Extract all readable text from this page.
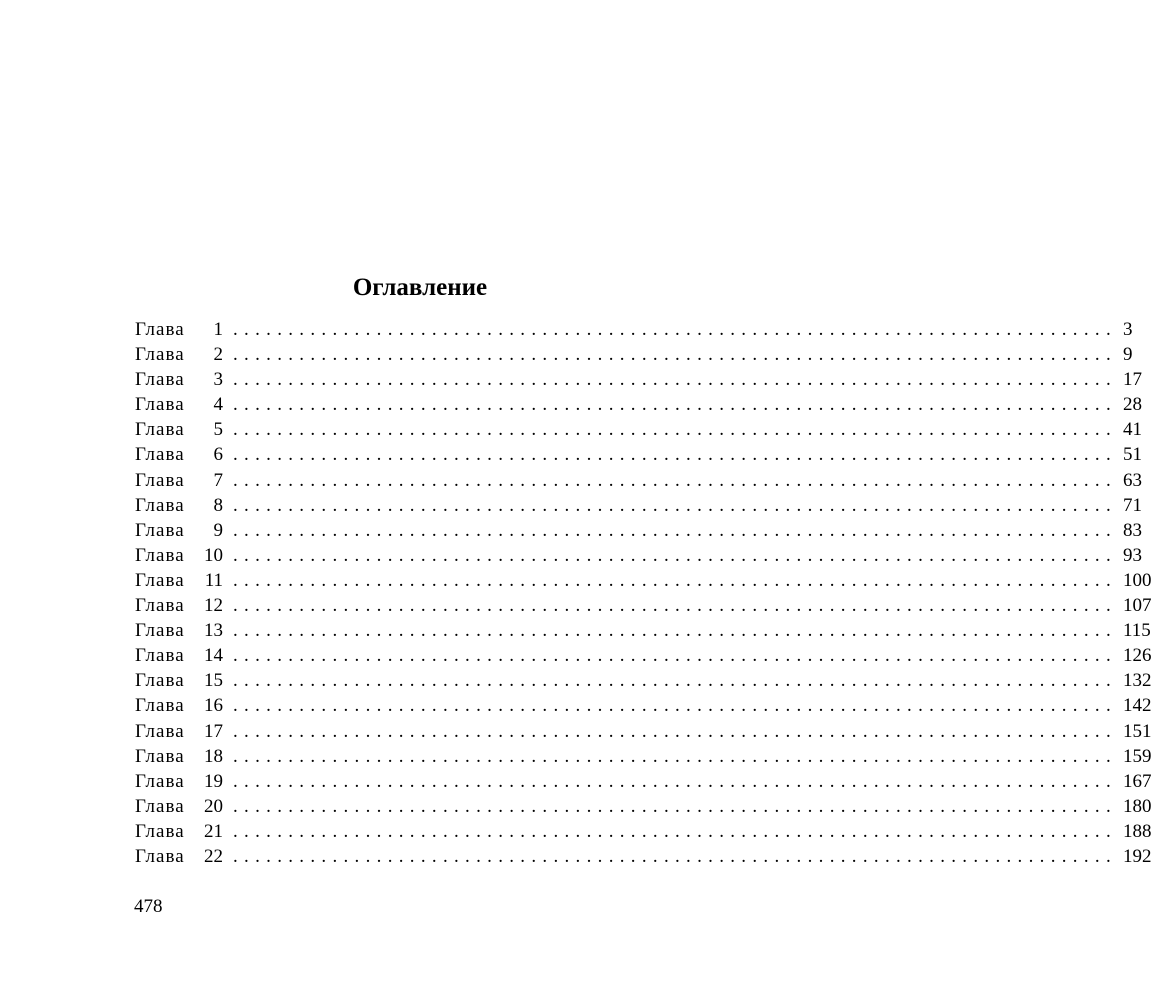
Оглавление
Глава	1 ................................................................................ 3
Глава	2 ................................................................................ 9
Глава	3 ................................................................................ 17
Глава	4 ................................................................................ 28
Глава	5 ................................................................................ 41
Глава	6 ................................................................................ 51
Глава	7 ................................................................................ 63
Глава	8 ................................................................................ 71
Глава	9 ................................................................................ 83
Глава	10 ................................................................................ 93
Глава	11 ................................................................................ 100
Глава	12 ................................................................................ 107
Глава	13 ................................................................................ 115
Глава	14 ................................................................................ 126
Глава	15 ................................................................................ 132
Глава	16 ................................................................................ 142
Глава	17 ................................................................................ 151
Глава	18 ................................................................................ 159
Глава	19 ................................................................................ 167
Глава	20 ................................................................................ 180
Глава	21 ................................................................................ 188
Глава	22 ................................................................................ 192

478
